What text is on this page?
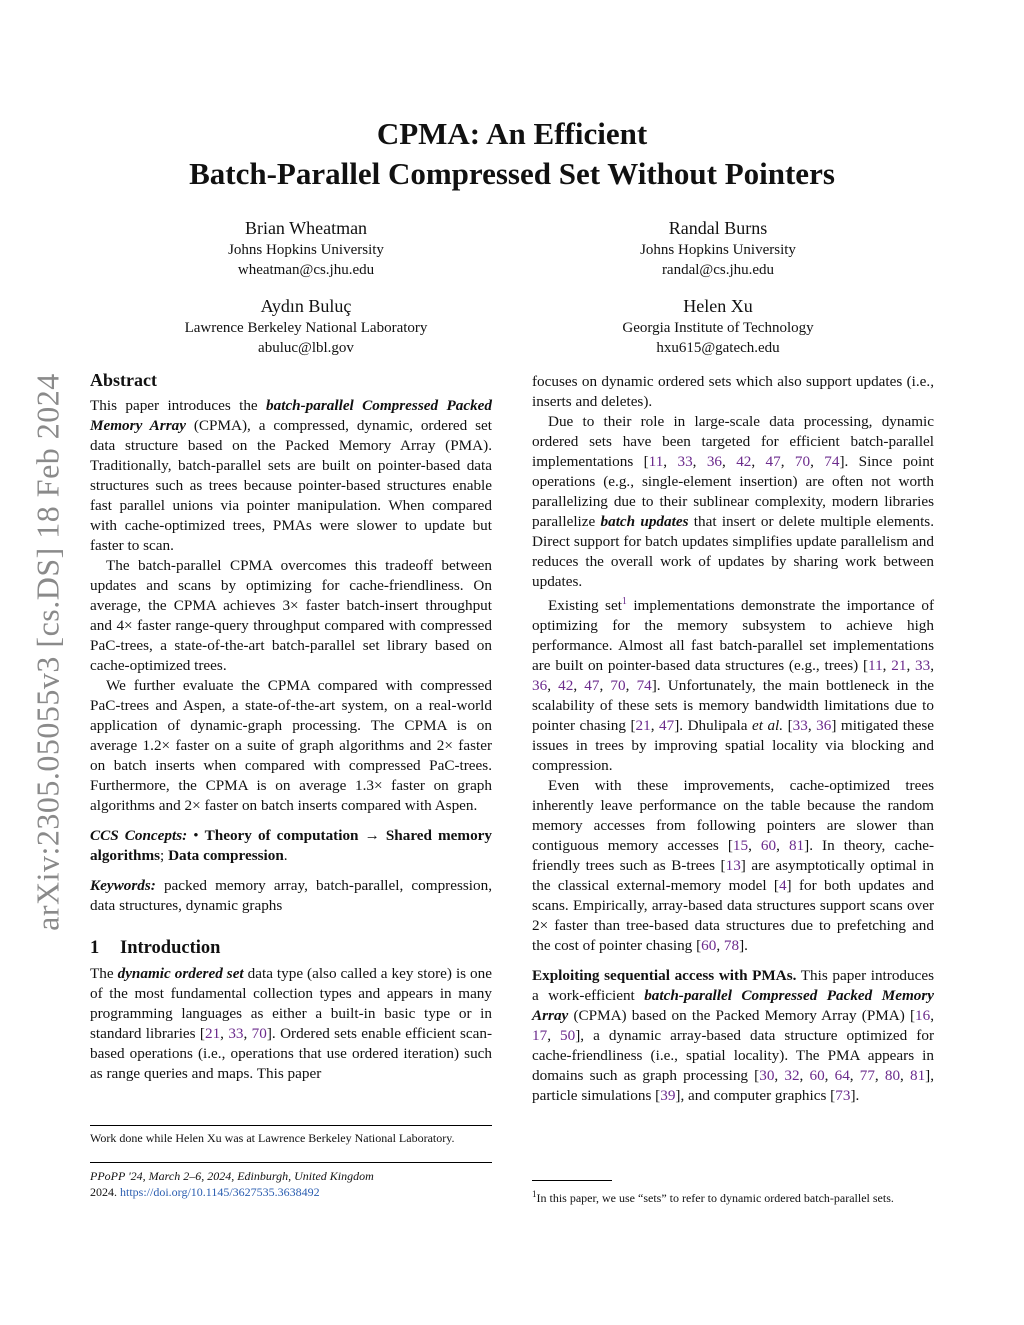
CPMA: An Efficient
Batch-Parallel Compressed Set Without Pointers
Brian Wheatman
Johns Hopkins University
wheatman@cs.jhu.edu
Randal Burns
Johns Hopkins University
randal@cs.jhu.edu
Aydın Buluç
Lawrence Berkeley National Laboratory
abuluc@lbl.gov
Helen Xu
Georgia Institute of Technology
hxu615@gatech.edu
arXiv:2305.05055v3 [cs.DS] 18 Feb 2024 Abstract

This paper introduces the batch-parallel Compressed Packed Memory Array (CPMA), a compressed, dynamic, ordered set data structure based on the Packed Memory Array (PMA). Traditionally, batch-parallel sets are built on pointer-based data structures such as trees because pointer-based structures enable fast parallel unions via pointer manipulation. When compared with cache-optimized trees, PMAs were slower to update but faster to scan.

The batch-parallel CPMA overcomes this tradeoff between updates and scans by optimizing for cache-friendliness. On average, the CPMA achieves 3× faster batch-insert throughput and 4× faster range-query throughput compared with compressed PaC-trees, a state-of-the-art batch-parallel set library based on cache-optimized trees.

We further evaluate the CPMA compared with compressed PaC-trees and Aspen, a state-of-the-art system, on a real-world application of dynamic-graph processing. The CPMA is on average 1.2× faster on a suite of graph algorithms and 2× faster on batch inserts when compared with compressed PaC-trees. Furthermore, the CPMA is on average 1.3× faster on graph algorithms and 2× faster on batch inserts compared with Aspen.

CCS Concepts: • Theory of computation → Shared memory algorithms; Data compression.

Keywords: packed memory array, batch-parallel, compression, data structures, dynamic graphs

1 Introduction

The dynamic ordered set data type (also called a key store) is one of the most fundamental collection types and appears in many programming languages as either a built-in basic type or in standard libraries [21, 33, 70]. Ordered sets enable efficient scan-based operations (i.e., operations that use ordered iteration) such as range queries and maps. This paper

Work done while Helen Xu was at Lawrence Berkeley National Laboratory.
PPoPP '24, March 2–6, 2024, Edinburgh, United Kingdom
2024. https://doi.org/10.1145/3627535.3638492

focuses on dynamic ordered sets which also support updates (i.e., inserts and deletes).

Due to their role in large-scale data processing, dynamic ordered sets have been targeted for efficient batch-parallel implementations [11, 33, 36, 42, 47, 70, 74]. Since point operations (e.g., single-element insertion) are often not worth parallelizing due to their sublinear complexity, modern libraries parallelize batch updates that insert or delete multiple elements. Direct support for batch updates simplifies update parallelism and reduces the overall work of updates by sharing work between updates.

Existing set$^1$ implementations demonstrate the importance of optimizing for the memory subsystem to achieve high performance. Almost all fast batch-parallel set implementations are built on pointer-based data structures (e.g., trees) [11, 21, 33, 36, 42, 47, 70, 74]. Unfortunately, the main bottleneck in the scalability of these sets is memory bandwidth limitations due to pointer chasing [21, 47]. Dhulipala et al. [33, 36] mitigated these issues in trees by improving spatial locality via blocking and compression.

Even with these improvements, cache-optimized trees inherently leave performance on the table because the random memory accesses from following pointers are slower than contiguous memory accesses [15, 60, 81]. In theory, cache-friendly trees such as B-trees [13] are asymptotically optimal in the classical external-memory model [4] for both updates and scans. Empirically, array-based data structures support scans over 2× faster than tree-based data structures due to prefetching and the cost of pointer chasing [60, 78].

Exploiting sequential access with PMAs. This paper introduces a work-efficient batch-parallel Compressed Packed Memory Array (CPMA) based on the Packed Memory Array (PMA) [16, 17, 50], a dynamic array-based data structure optimized for cache-friendliness (i.e., spatial locality). The PMA appears in domains such as graph processing [30, 32, 60, 64, 77, 80, 81], particle simulations [39], and computer graphics [73].

$^1$In this paper, we use “sets” to refer to dynamic ordered batch-parallel sets.
